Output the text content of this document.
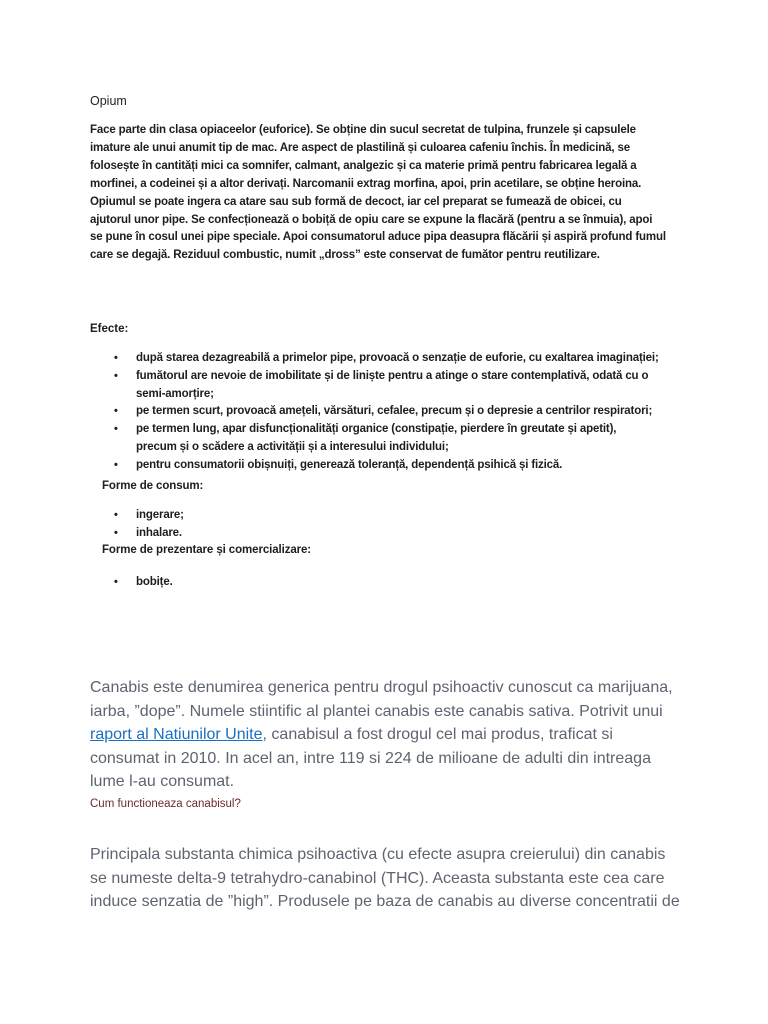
Opium
Face parte din clasa opiaceelor (euforice). Se obține din sucul secretat de tulpina, frunzele și capsulele
imature ale unui anumit tip de mac. Are aspect de plastilină și culoarea cafeniu închis. În medicină, se
folosește în cantități mici ca somnifer, calmant, analgezic și ca materie primă pentru fabricarea legală a
morfinei, a codeinei și a altor derivați. Narcomanii extrag morfina, apoi, prin acetilare, se obține heroina.
Opiumul se poate ingera ca atare sau sub formă de decoct, iar cel preparat se fumează de obicei, cu
ajutorul unor pipe. Se confecționează o bobiță de opiu care se expune la flacără (pentru a se înmuia), apoi
se pune în cosul unei pipe speciale. Apoi consumatorul aduce pipa deasupra flăcării și aspiră profund fumul
care se degajă. Reziduul combustic, numit „dross” este conservat de fumător pentru reutilizare.
Efecte:
• după starea dezagreabilă a primelor pipe, provoacă o senzație de euforie, cu exaltarea imaginației;
• fumătorul are nevoie de imobilitate și de liniște pentru a atinge o stare contemplativă, odată cu o
semi-amorțire;
• pe termen scurt, provoacă amețeli, vărsături, cefalee, precum și o depresie a centrilor respiratori;
• pe termen lung, apar disfuncționalități organice (constipație, pierdere în greutate și apetit),
precum și o scădere a activității și a interesului individului;
• pentru consumatorii obișnuiți, generează toleranță, dependență psihică și fizică.
Forme de consum:
• ingerare;
• inhalare.
Forme de prezentare și comercializare:
• bobițe.
Canabis este denumirea generica pentru drogul psihoactiv cunoscut ca marijuana,
iarba, ”dope”. Numele stiintific al plantei canabis este canabis sativa. Potrivit unui
raport al Natiunilor Unite, canabisul a fost drogul cel mai produs, traficat si
consumat in 2010. In acel an, intre 119 si 224 de milioane de adulti din intreaga
lume l-au consumat.
Cum functioneaza canabisul?
Principala substanta chimica psihoactiva (cu efecte asupra creierului) din canabis
se numeste delta-9 tetrahydro-canabinol (THC). Aceasta substanta este cea care
induce senzatia de ”high”. Produsele pe baza de canabis au diverse concentratii de
